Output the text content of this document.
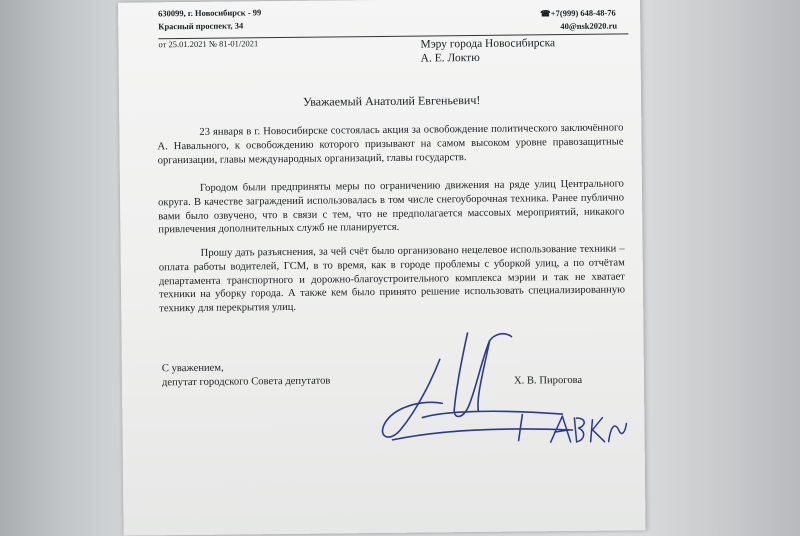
630099, г. Новосибирск - 99
Красный проспект, 34
☎+7(999) 648-48-76
40@nsk2020.ru
от 25.01.2021 № 81-01/2021	Мэру города Новосибирска
А. Е. Локтю
Уважаемый Анатолий Евгеньевич!
23 января в г. Новосибирске состоялась акция за освобождение политического заключённого А. Навального, к освобождению которого призывают на самом высоком уровне правозащитные организации, главы международных организаций, главы государств.
Городом были предприняты меры по ограничению движения на ряде улиц Центрального округа. В качестве заграждений использовалась в том числе снегоуборочная техника. Ранее публично вами было озвучено, что в связи с тем, что не предполагается массовых мероприятий, никакого привлечения дополнительных служб не планируется.
Прошу дать разъяснения, за чей счёт было организовано нецелевое использование техники – оплата работы водителей, ГСМ, в то время, как в городе проблемы с уборкой улиц, а по отчётам департамента транспортного и дорожно-благоустроительного комплекса мэрии и так не хватает техники на уборку города. А также кем было принято решение использовать специализированную технику для перекрытия улиц.
С уважением,
депутат городского Совета депутатов	Х. В. Пирогова
